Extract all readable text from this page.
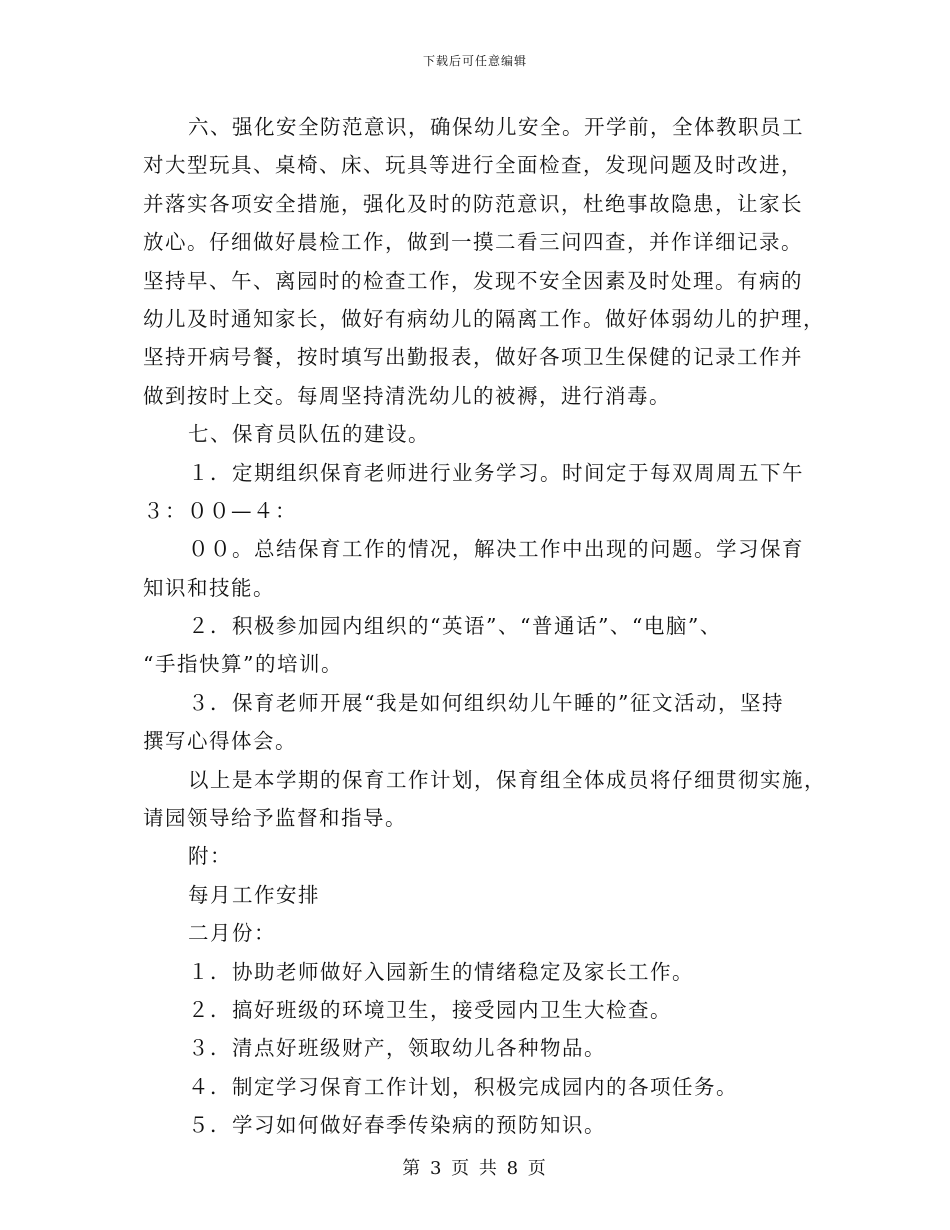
下载后可任意编辑
六、强化安全防范意识，确保幼儿安全。开学前，全体教职员工
对大型玩具、桌椅、床、玩具等进行全面检查，发现问题及时改进，
并落实各项安全措施，强化及时的防范意识，杜绝事故隐患，让家长
放心。仔细做好晨检工作，做到一摸二看三问四查，并作详细记录。
坚持早、午、离园时的检查工作，发现不安全因素及时处理。有病的
幼儿及时通知家长，做好有病幼儿的隔离工作。做好体弱幼儿的护理，
坚持开病号餐，按时填写出勤报表，做好各项卫生保健的记录工作并
做到按时上交。每周坚持清洗幼儿的被褥，进行消毒。
七、保育员队伍的建设。
１．定期组织保育老师进行业务学习。时间定于每双周周五下午
３：００—４：
００。总结保育工作的情况，解决工作中出现的问题。学习保育
知识和技能。
２．积极参加园内组织的“英语”、“普通话”、“电脑”、
“手指快算”的培训。
３．保育老师开展“我是如何组织幼儿午睡的”征文活动，坚持
撰写心得体会。
以上是本学期的保育工作计划，保育组全体成员将仔细贯彻实施，
请园领导给予监督和指导。
附：
每月工作安排
二月份：
１．协助老师做好入园新生的情绪稳定及家长工作。
２．搞好班级的环境卫生，接受园内卫生大检查。
３．清点好班级财产，领取幼儿各种物品。
４．制定学习保育工作计划，积极完成园内的各项任务。
５．学习如何做好春季传染病的预防知识。
第 3 页 共 8 页
